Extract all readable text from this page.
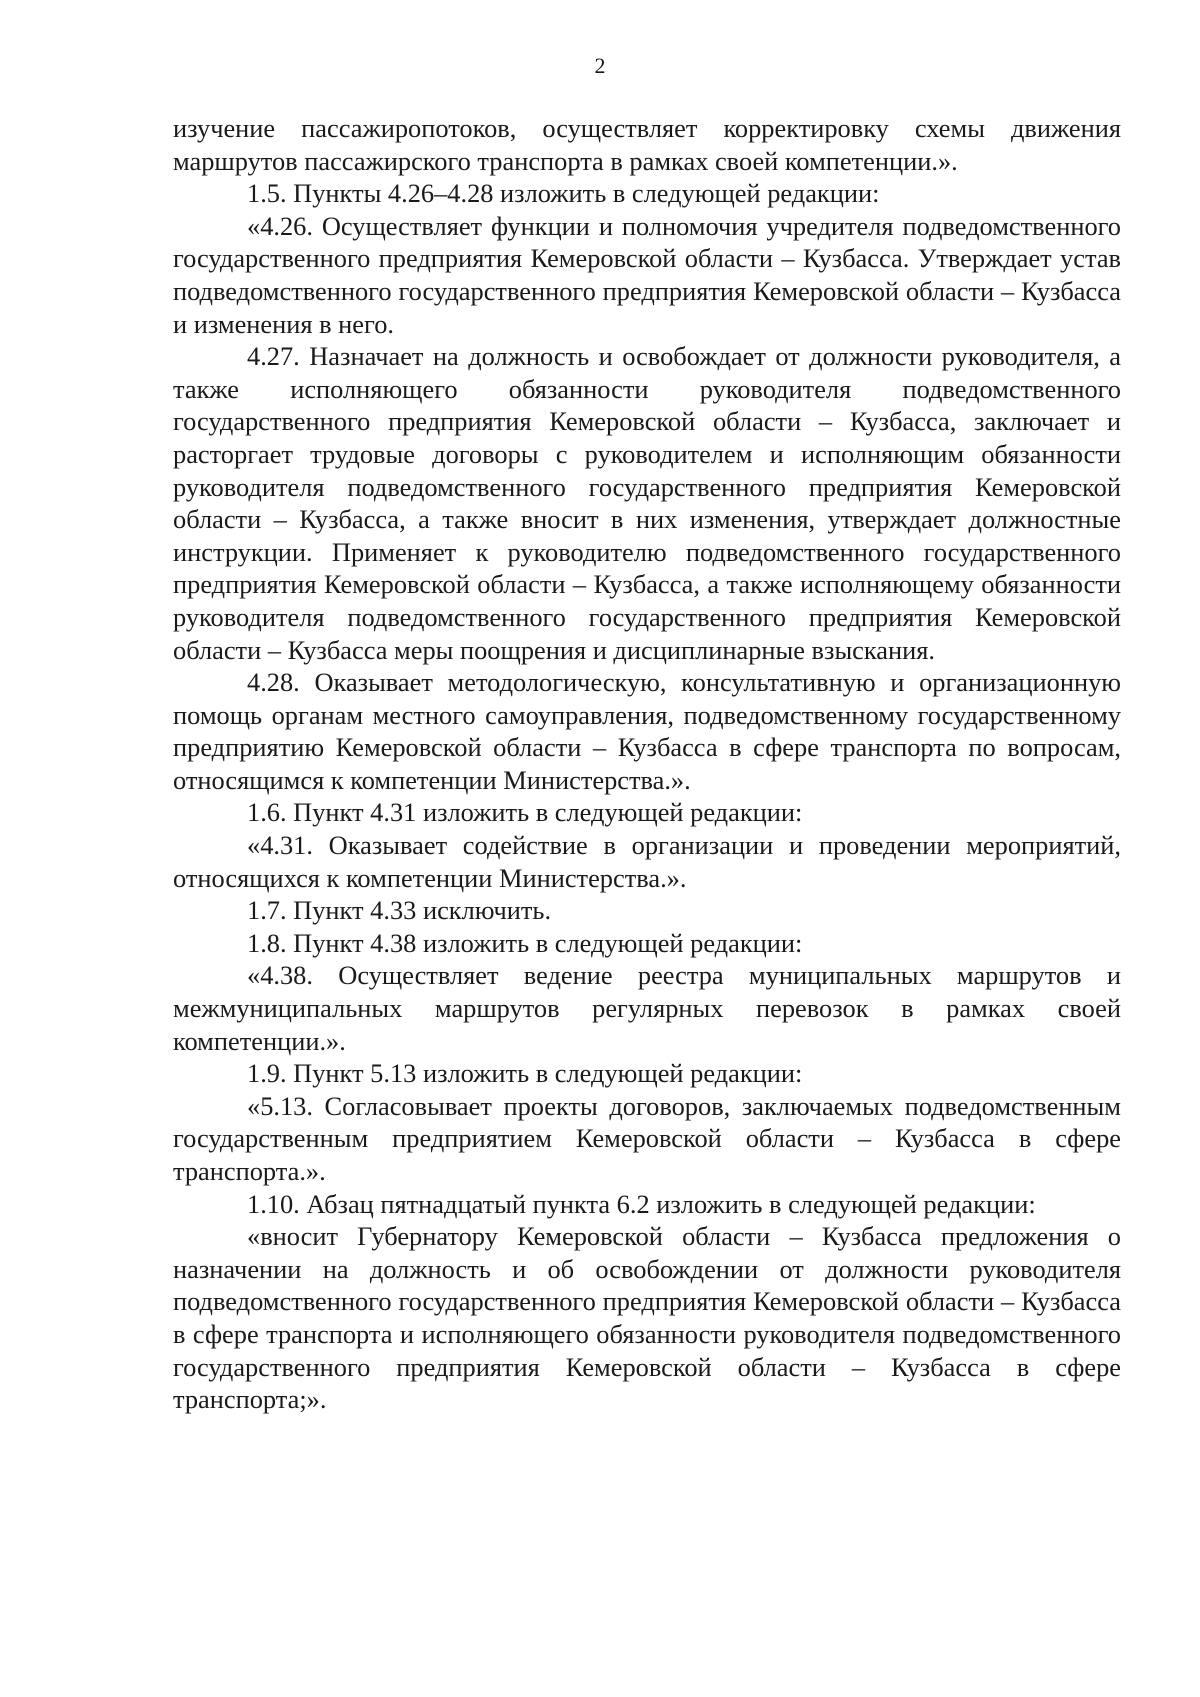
2

изучение пассажиропотоков, осуществляет корректировку схемы движения маршрутов пассажирского транспорта в рамках своей компетенции.».

1.5. Пункты 4.26–4.28 изложить в следующей редакции:

«4.26. Осуществляет функции и полномочия учредителя подведомственного государственного предприятия Кемеровской области – Кузбасса. Утверждает устав подведомственного государственного предприятия Кемеровской области – Кузбасса и изменения в него.

4.27. Назначает на должность и освобождает от должности руководителя, а также исполняющего обязанности руководителя подведомственного государственного предприятия Кемеровской области – Кузбасса, заключает и расторгает трудовые договоры с руководителем и исполняющим обязанности руководителя подведомственного государственного предприятия Кемеровской области – Кузбасса, а также вносит в них изменения, утверждает должностные инструкции. Применяет к руководителю подведомственного государственного предприятия Кемеровской области – Кузбасса, а также исполняющему обязанности руководителя подведомственного государственного предприятия Кемеровской области – Кузбасса меры поощрения и дисциплинарные взыскания.

4.28. Оказывает методологическую, консультативную и организационную помощь органам местного самоуправления, подведомственному государственному предприятию Кемеровской области – Кузбасса в сфере транспорта по вопросам, относящимся к компетенции Министерства.».

1.6. Пункт 4.31 изложить в следующей редакции:

«4.31. Оказывает содействие в организации и проведении мероприятий, относящихся к компетенции Министерства.».

1.7. Пункт 4.33 исключить.

1.8. Пункт 4.38 изложить в следующей редакции:

«4.38. Осуществляет ведение реестра муниципальных маршрутов и межмуниципальных маршрутов регулярных перевозок в рамках своей компетенции.».

1.9. Пункт 5.13 изложить в следующей редакции:

«5.13. Согласовывает проекты договоров, заключаемых подведомственным государственным предприятием Кемеровской области – Кузбасса в сфере транспорта.».

1.10. Абзац пятнадцатый пункта 6.2 изложить в следующей редакции:

«вносит Губернатору Кемеровской области – Кузбасса предложения о назначении на должность и об освобождении от должности руководителя подведомственного государственного предприятия Кемеровской области – Кузбасса в сфере транспорта и исполняющего обязанности руководителя подведомственного государственного предприятия Кемеровской области – Кузбасса в сфере транспорта;».
